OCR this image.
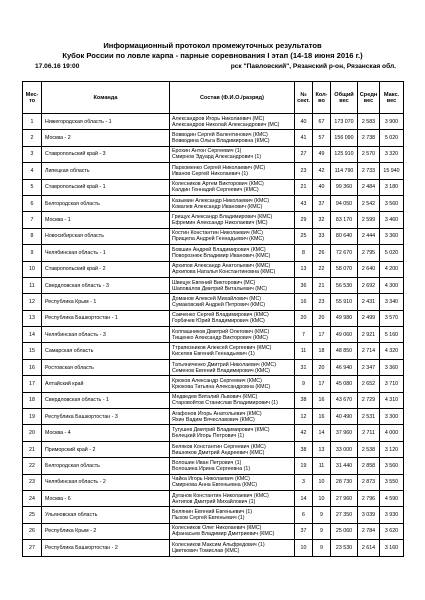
Информационный протокол промежуточных результатов
Кубок России по ловле карпа - парные соревнования I этап (14-18 июня 2016 г.)
17.06.16 19:00	рск "Павловский", Рязанский р-он, Рязанская обл.
Мес-то	Команда	Состав (Ф.И.О./разряд)	№ сект.	Кол-во	Общий вес	Средн вес	Макс. вес
1	Нижегородская область - 1	Александров Игорь Николаевич (МС)
Александров Николай Александрович (МС)	40	67	173 070	2 583	3 900
2	Москва - 2	Вовводин Сергей Валентинович (КМС)
Вовводина Ольга Владимировна (КМС)	41	57	156 090	2 738	5 020
3	Ставропольский край - 3	Ерохин Антон Сергеевич (1)
Смирнов Эдуард Александрович (1)	27	49	125 910	2 570	3 320
4	Липецкая область	Пархоменко Сергей Николаевич (МС)
Иванов Сергей Николаевич (1)	23	42	114 790	2 733	15 940
5	Ставропольский край - 1	Колесников Артем Викторович (КМС)
Калдин Геннадий Сергеевич (КМС)	21	40	99 360	2 484	3 180
6	Белгородская область	Казымин Александр Николаевич (КМС)
Ковалев Александр Иванович (КМС)	43	37	94 050	2 542	3 560
7	Москва - 1	Грищук Александр Владимирович (КМС)
Ефремин Александр Николаевич (МС)	29	32	83 170	2 599	3 460
8	Новосибирская область	Костин Константин Николаевич (МС)
Прищепа Андрей Геннадьевич (КМС)	25	33	80 640	2 444	3 360
9	Челябинская область - 1	Бовшин Андрей Владимирович (КМС)
Поворознюк Владимир Иванович (КМС)	8	26	72 670	2 795	5 020
10	Ставропольский край - 2	Архипов Александр Анатольевич (КМС)
Архипова Наталья Константиновна (КМС)	13	22	58 070	2 640	4 200
11	Свердловская область - 3	Швецук Евгений Викторович (МС)
Шаповалов Дмитрий Витальевич (МС)	36	21	56 530	2 692	4 300
12	Республика Крым - 1	Доманов Алексей Михайлович (МС)
Сумаковский Андрей Петрович (КМС)	16	23	55 910	2 431	3 340
13	Республика Башкортостан - 1	Савченко Сергей Владимирович (КМС)
Горбачев Юрий Владимирович (КМС)	20	20	49 980	2 499	3 570
14	Челябинская область - 3	Колпашников Дмитрий Олегович (КМС)
Тищенко Александр Викторович (КМС)	7	17	49 060	2 921	5 160
15	Самарская область	Ттрапезников Алексей Сергеевич (КМС)
Киселев Евгений Геннадьевич (1)	11	18	48 850	2 714	4 320
16	Ростовская область	Татьяниченко Дмитрий Николаевич (КМС)
Семенов Евгений Владимирович (КМС)	31	20	46 940	2 347	3 360
17	Алтайский край	Крюков Александр Сергеевич (КМС)
Крюкова Татьяна Александровна (КМС)	9	17	45 080	2 652	3 710
18	Свердловская область - 1	Медведев Виталий Львович (КМС)
Старовойтов Станислав Владимирович (1)	38	16	43 670	2 729	4 310
19	Республика Башкортостан - 3	Агафонов Игорь Анатольевич (КМС)
Яхин Вадим Вячеславович (КМС)	12	16	40 490	2 531	3 300
20	Москва - 4	Тугушев Дмитрий Владимирович (КМС)
Белецкий Игорь Петрович (1)	42	14	37 960	2 711	4 000
21	Приморский край - 2	Беляков Константин Сергеевич (КМС)
Вишняков Дмитрий Андреевич (КМС)	38	13	33 000	2 538	3 120
22	Белгородская область	Волошин Иван Петрович (1)
Волошина Ирина Сергеевна (1)	19	11	31 440	2 858	3 560
23	Челябинская область - 2	Чайка Игорь Николаевич (КМС)
Смирнова Анна Евгеньевна (КМС)	3	10	28 730	2 873	3 550
24	Москва - 6	Дуганов Константин Николаевич (КМС)
Антипов Дмитрий Михайлович (1)	14	10	27 960	2 796	4 590
25	Ульяновская область	Белянин Евгений Евгеньевич (1)
Пыхов Сергей Евгеньевич (1)	6	9	27 350	3 039	3 930
26	Республика Крым - 2	Колесников Олег Николаевич (КМС)
Афанасьев Владимир Дмитриевич (КМС)	37	9	25 060	2 784	3 620
27	Республика Башкортостан - 2	Колесников Максим Альфредович (1)
Цветкович Томислав (КМС)	10	9	23 530	2 614	3 160
